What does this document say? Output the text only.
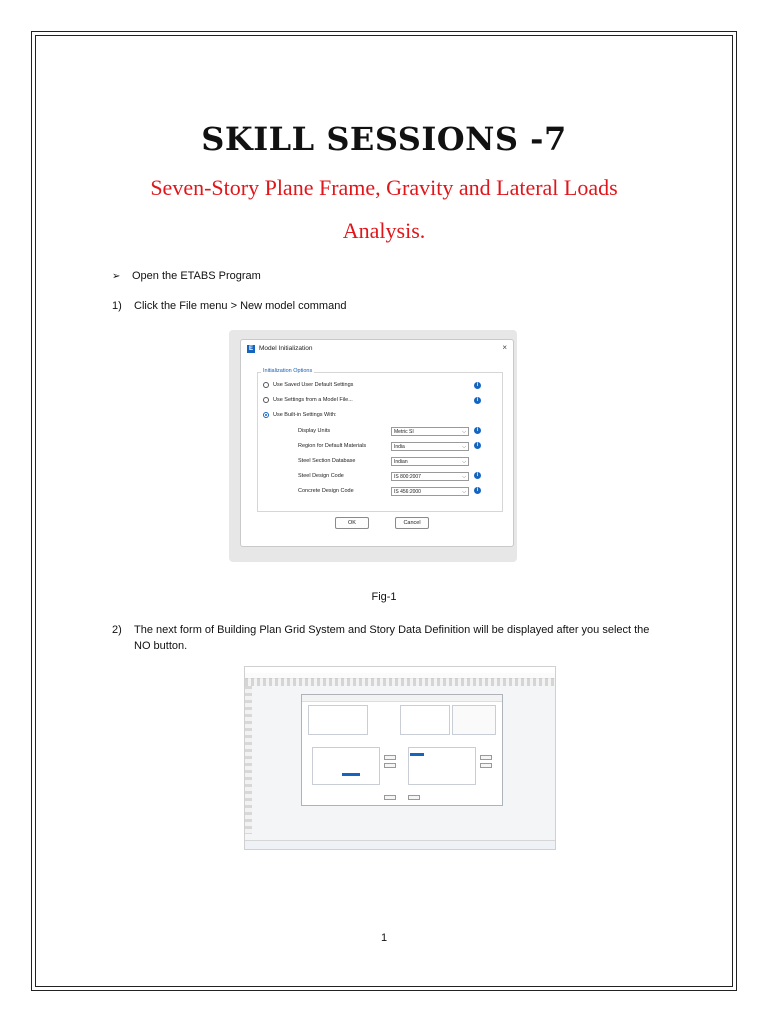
SKILL SESSIONS -7
Seven-Story Plane Frame, Gravity and Lateral Loads
Analysis.
➢ Open the ETABS Program
1) Click the File menu > New model command
E Model Initialization	×
Initialization Options
Use Saved User Default Settings	i
Use Settings from a Model File...	i
Use Built-in Settings With:
Display Units	Metric SI	⌵	i
Region for Default Materials	India	⌵	i
Steel Section Database	Indian	⌵
Steel Design Code	IS 800:2007	⌵	i
Concrete Design Code	IS 456:2000	⌵	i
OK	Cancel
Fig-1
2) The next form of Building Plan Grid System and Story Data Definition will be displayed after you select the NO button.
1
